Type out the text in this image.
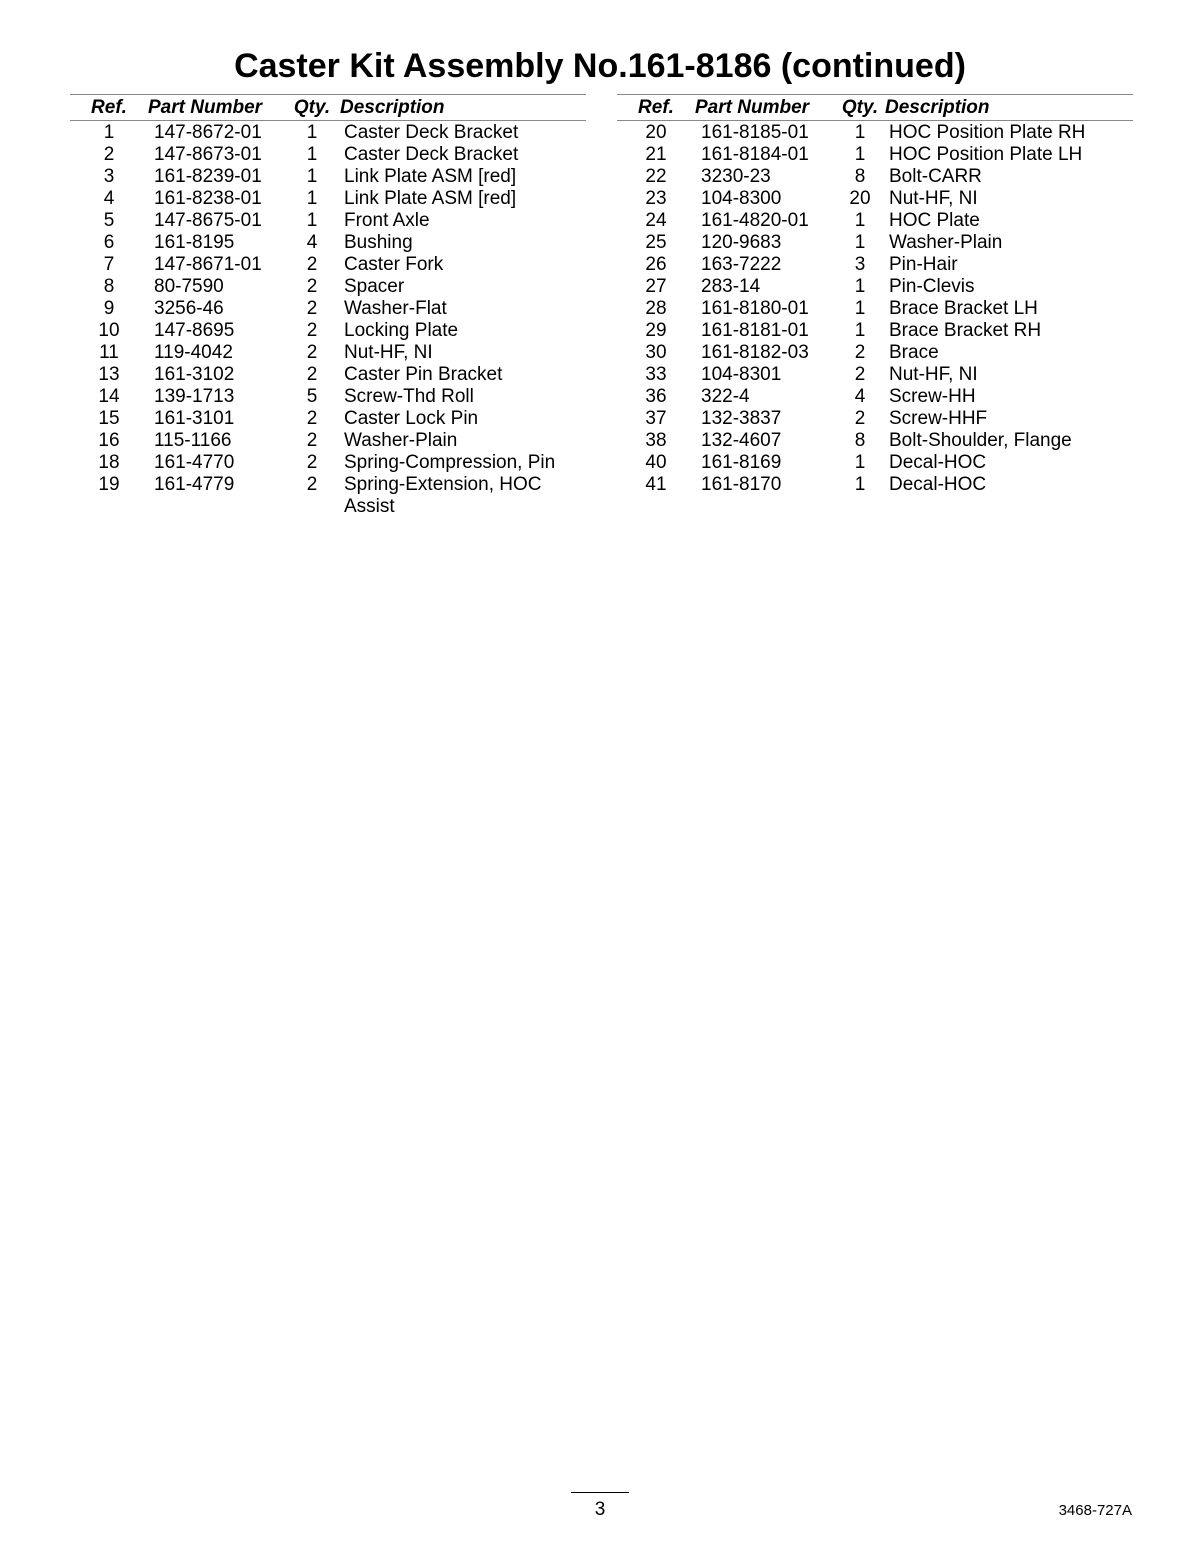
Caster Kit Assembly No.161-8186 (continued)
Ref.	Part Number	Qty.	Description
1	147-8672-01	1	Caster Deck Bracket
2	147-8673-01	1	Caster Deck Bracket
3	161-8239-01	1	Link Plate ASM [red]
4	161-8238-01	1	Link Plate ASM [red]
5	147-8675-01	1	Front Axle
6	161-8195	4	Bushing
7	147-8671-01	2	Caster Fork
8	80-7590	2	Spacer
9	3256-46	2	Washer-Flat
10	147-8695	2	Locking Plate
11	119-4042	2	Nut-HF, NI
13	161-3102	2	Caster Pin Bracket
14	139-1713	5	Screw-Thd Roll
15	161-3101	2	Caster Lock Pin
16	115-1166	2	Washer-Plain
18	161-4770	2	Spring-Compression, Pin
19	161-4779	2	Spring-Extension, HOC Assist
Ref.	Part Number	Qty.	Description
20	161-8185-01	1	HOC Position Plate RH
21	161-8184-01	1	HOC Position Plate LH
22	3230-23	8	Bolt-CARR
23	104-8300	20	Nut-HF, NI
24	161-4820-01	1	HOC Plate
25	120-9683	1	Washer-Plain
26	163-7222	3	Pin-Hair
27	283-14	1	Pin-Clevis
28	161-8180-01	1	Brace Bracket LH
29	161-8181-01	1	Brace Bracket RH
30	161-8182-03	2	Brace
33	104-8301	2	Nut-HF, NI
36	322-4	4	Screw-HH
37	132-3837	2	Screw-HHF
38	132-4607	8	Bolt-Shoulder, Flange
40	161-8169	1	Decal-HOC
41	161-8170	1	Decal-HOC
3	3468-727A
